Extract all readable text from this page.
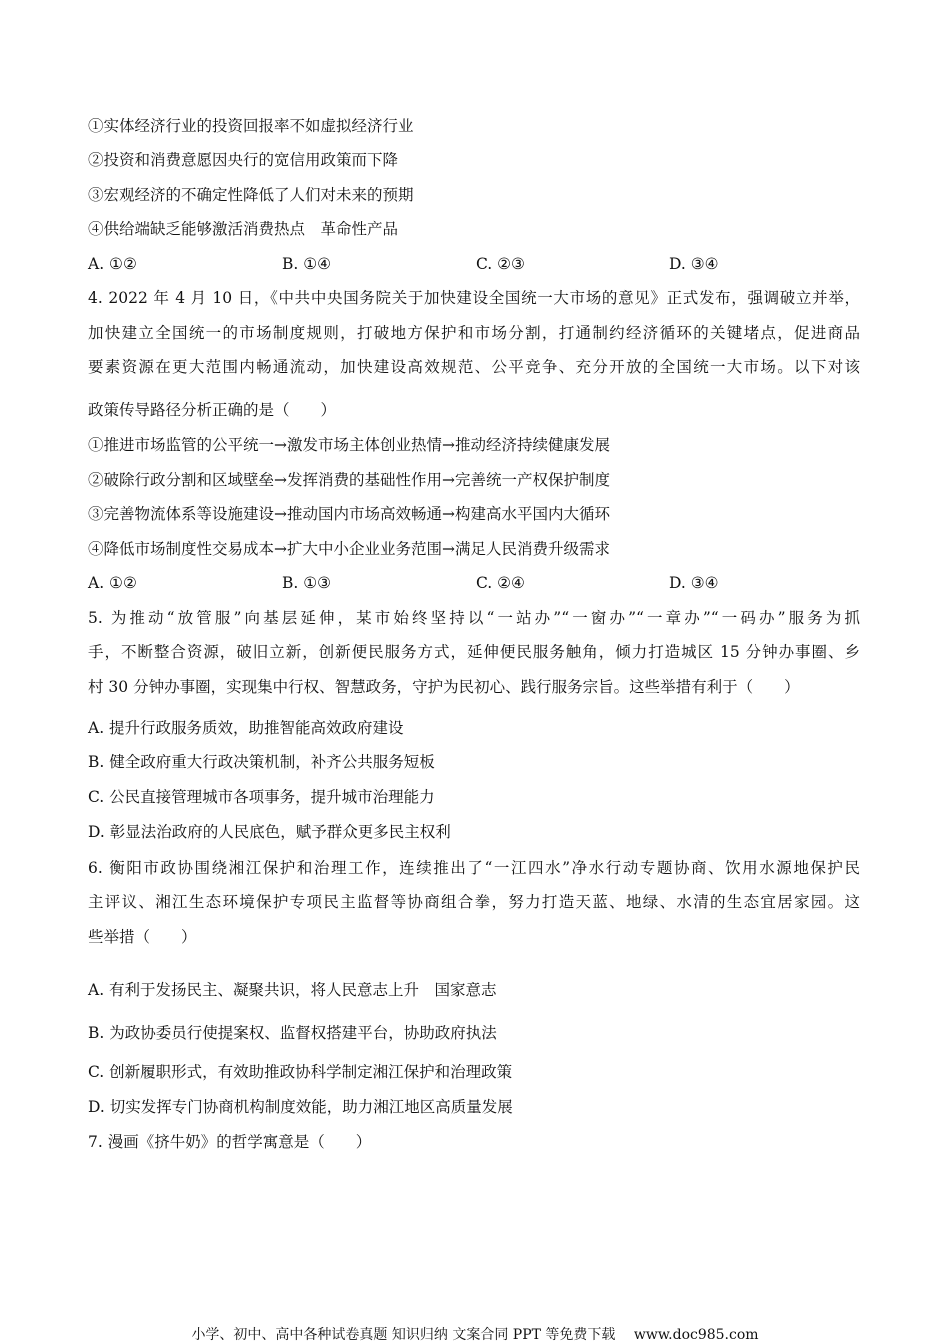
①实体经济行业的投资回报率不如虚拟经济行业
②投资和消费意愿因央行的宽信用政策而下降
③宏观经济的不确定性降低了人们对未来的预期
④供给端缺乏能够激活消费热点　革命性产品
A. ①②	B. ①④	C. ②③	D. ③④
4. 2022 年 4 月 10 日，《中共中央国务院关于加快建设全国统一大市场的意见》正式发布，强调破立并举，
加快建立全国统一的市场制度规则，打破地方保护和市场分割，打通制约经济循环的关键堵点，促进商品
要素资源在更大范围内畅通流动，加快建设高效规范、公平竞争、充分开放的全国统一大市场。以下对该
政策传导路径分析正确的是（　　）
①推进市场监管的公平统一→激发市场主体创业热情→推动经济持续健康发展
②破除行政分割和区域壁垒→发挥消费的基础性作用→完善统一产权保护制度
③完善物流体系等设施建设→推动国内市场高效畅通→构建高水平国内大循环
④降低市场制度性交易成本→扩大中小企业业务范围→满足人民消费升级需求
A. ①②	B. ①③	C. ②④	D. ③④
5. 为推动“放管服”向基层延伸，某市始终坚持以“一站办”“一窗办”“一章办”“一码办”服务为抓
手，不断整合资源，破旧立新，创新便民服务方式，延伸便民服务触角，倾力打造城区 15 分钟办事圈、乡
村 30 分钟办事圈，实现集中行权、智慧政务，守护为民初心、践行服务宗旨。这些举措有利于（　　）
A. 提升行政服务质效，助推智能高效政府建设
B. 健全政府重大行政决策机制，补齐公共服务短板
C. 公民直接管理城市各项事务，提升城市治理能力
D. 彰显法治政府的人民底色，赋予群众更多民主权利
6. 衡阳市政协围绕湘江保护和治理工作，连续推出了“一江四水”净水行动专题协商、饮用水源地保护民
主评议、湘江生态环境保护专项民主监督等协商组合拳，努力打造天蓝、地绿、水清的生态宜居家园。这
些举措（　　）
A. 有利于发扬民主、凝聚共识，将人民意志上升　国家意志
B. 为政协委员行使提案权、监督权搭建平台，协助政府执法
C. 创新履职形式，有效助推政协科学制定湘江保护和治理政策
D. 切实发挥专门协商机构制度效能，助力湘江地区高质量发展
7. 漫画《挤牛奶》的哲学寓意是（　　）
小学、初中、高中各种试卷真题 知识归纳 文案合同 PPT 等免费下载　 www.doc985.com
